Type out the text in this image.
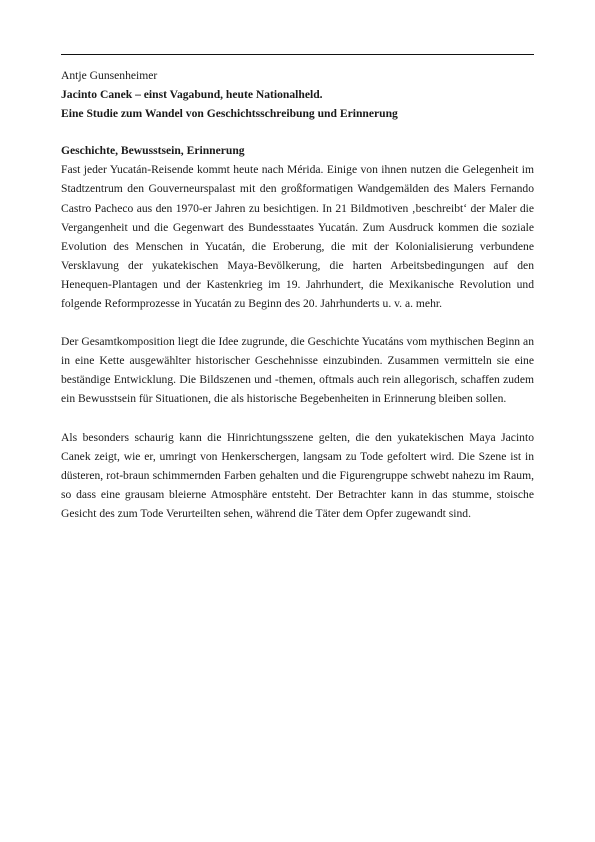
Antje Gunsenheimer
Jacinto Canek – einst Vagabund, heute Nationalheld.
Eine Studie zum Wandel von Geschichtsschreibung und Erinnerung
Geschichte, Bewusstsein, Erinnerung

Fast jeder Yucatán-Reisende kommt heute nach Mérida. Einige von ihnen nutzen die Gelegenheit im Stadtzentrum den Gouverneurspalast mit den großformatigen Wandgemälden des Malers Fernando Castro Pacheco aus den 1970-er Jahren zu besichtigen. In 21 Bildmotiven ‚beschreibt‘ der Maler die Vergangenheit und die Gegenwart des Bundesstaates Yucatán. Zum Ausdruck kommen die soziale Evolution des Menschen in Yucatán, die Eroberung, die mit der Kolonialisierung verbundene Versklavung der yukatekischen Maya-Bevölkerung, die harten Arbeitsbedingungen auf den Henequen-Plantagen und der Kastenkrieg im 19. Jahrhundert, die Mexikanische Revolution und folgende Reformprozesse in Yucatán zu Beginn des 20. Jahrhunderts u. v. a. mehr.

Der Gesamtkomposition liegt die Idee zugrunde, die Geschichte Yucatáns vom mythischen Beginn an in eine Kette ausgewählter historischer Geschehnisse einzubinden. Zusammen vermitteln sie eine beständige Entwicklung. Die Bildszenen und -themen, oftmals auch rein allegorisch, schaffen zudem ein Bewusstsein für Situationen, die als historische Begebenheiten in Erinnerung bleiben sollen.

Als besonders schaurig kann die Hinrichtungsszene gelten, die den yukatekischen Maya Jacinto Canek zeigt, wie er, umringt von Henkerschergen, langsam zu Tode gefoltert wird. Die Szene ist in düsteren, rot-braun schimmernden Farben gehalten und die Figurengruppe schwebt nahezu im Raum, so dass eine grausam bleierne Atmosphäre entsteht. Der Betrachter kann in das stumme, stoische Gesicht des zum Tode Verurteilten sehen, während die Täter dem Opfer zugewandt sind.
